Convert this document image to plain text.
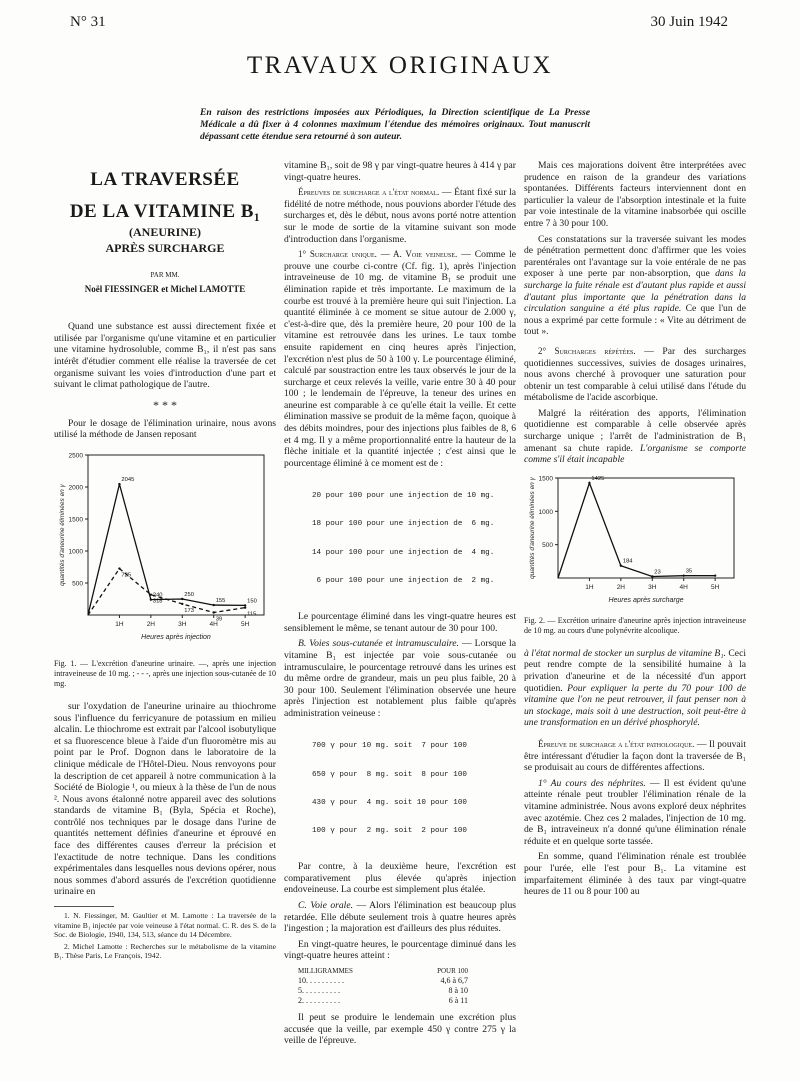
N° 31	30 Juin 1942
TRAVAUX ORIGINAUX
En raison des restrictions imposées aux Périodiques, la Direction scientifique de La Presse Médicale a dû fixer à 4 colonnes maximum l'étendue des mémoires originaux. Tout manuscrit dépassant cette étendue sera retourné à son auteur.
LA TRAVERSÉE
DE LA VITAMINE B₁
(ANEURINE)
APRÈS SURCHARGE
PAR MM.
Noël FIESSINGER et Michel LAMOTTE

Quand une substance est aussi directement fixée et utilisée par l'organisme qu'une vitamine et en particulier une vitamine hydrosoluble, comme B₁, il n'est pas sans intérêt d'étudier comment elle réalise la traversée de cet organisme suivant les voies d'introduction d'une part et suivant le climat pathologique de l'autre.

* * *

Pour le dosage de l'élimination urinaire, nous avons utilisé la méthode de Jansen reposant

500
1000
1500
2000
2500
1H	2H	3H	4H	5H
Heures après injection
quantités d'aneurine éliminées en γ
2045
240	250
155	150
725
318
173
39
115
Fig. 1. — L'excrétion d'aneurine urinaire. —, après une injection intraveineuse de 10 mg. ; - - -, après une injection sous-cutanée de 10 mg.

sur l'oxydation de l'aneurine urinaire au thiochrome sous l'influence du ferricyanure de potassium en milieu alcalin. Le thiochrome est extrait par l'alcool isobutylique et sa fluorescence bleue à l'aide d'un fluoromètre mis au point par le Prof. Dognon dans le laboratoire de la clinique médicale de l'Hôtel-Dieu. Nous renvoyons pour la description de cet appareil à notre communication à la Société de Biologie ¹, ou mieux à la thèse de l'un de nous ². Nous avons étalonné notre appareil avec des solutions standards de vitamine B₁ (Byla, Spécia et Roche), contrôlé nos techniques par le dosage dans l'urine de quantités nettement définies d'aneurine et éprouvé en face des différentes causes d'erreur la précision et l'exactitude de notre technique. Dans les conditions expérimentales dans lesquelles nous devions opérer, nous nous sommes d'abord assurés de l'excrétion quotidienne urinaire en

1. N. Fiessinger, M. Gaultier et M. Lamotte : La traversée de la vitamine B₁ injectée par voie veineuse à l'état normal. C. R. des S. de la Soc. de Biologie, 1940, 134, 513, séance du 14 Décembre.
2. Michel Lamotte : Recherches sur le métabolisme de la vitamine B₁. Thèse Paris, Le François, 1942.

vitamine B₁, soit de 98 γ par vingt-quatre heures à 414 γ par vingt-quatre heures.

Épreuves de surcharge a l'état normal. — Étant fixé sur la fidélité de notre méthode, nous pouvions aborder l'étude des surcharges et, dès le début, nous avons porté notre attention sur le mode de sortie de la vitamine suivant son mode d'introduction dans l'organisme.

1° Surcharge unique. — A. Voie veineuse. — Comme le prouve une courbe ci-contre (Cf. fig. 1), après l'injection intraveineuse de 10 mg. de vitamine B₁ se produit une élimination rapide et très importante. Le maximum de la courbe est trouvé à la première heure qui suit l'injection. La quantité éliminée à ce moment se situe autour de 2.000 γ, c'est-à-dire que, dès la première heure, 20 pour 100 de la vitamine est retrouvée dans les urines. Le taux tombe ensuite rapidement en cinq heures après l'injection, l'excrétion n'est plus de 50 à 100 γ. Le pourcentage éliminé, calculé par soustraction entre les taux observés le jour de la surcharge et ceux relevés la veille, varie entre 30 à 40 pour 100 ; le lendemain de l'épreuve, la teneur des urines en aneurine est comparable à ce qu'elle était la veille. Et cette élimination massive se produit de la même façon, quoique à des débits moindres, pour des injections plus faibles de 8, 6 et 4 mg. Il y a même proportionnalité entre la hauteur de la flèche initiale et la quantité injectée ; c'est ainsi que le pourcentage éliminé à ce moment est de :

20 pour 100 pour une injection de 10 mg.

18 pour 100 pour une injection de  6 mg.

14 pour 100 pour une injection de  4 mg.

6 pour 100 pour une injection de  2 mg.

Le pourcentage éliminé dans les vingt-quatre heures est sensiblement le même, se tenant autour de 30 pour 100.

B. Voies sous-cutanée et intramusculaire. — Lorsque la vitamine B₁ est injectée par voie sous-cutanée ou intramusculaire, le pourcentage retrouvé dans les urines est du même ordre de grandeur, mais un peu plus faible, 20 à 30 pour 100. Seulement l'élimination observée une heure après l'injection est notablement plus faible qu'après administration veineuse :

700 γ pour 10 mg. soit  7 pour 100

650 γ pour  8 mg. soit  8 pour 100

430 γ pour  4 mg. soit 10 pour 100

100 γ pour  2 mg. soit  2 pour 100

Par contre, à la deuxième heure, l'excrétion est comparativement plus élevée qu'après injection endoveineuse. La courbe est simplement plus étalée.

C. Voie orale. — Alors l'élimination est beaucoup plus retardée. Elle débute seulement trois à quatre heures après l'ingestion ; la majoration est d'ailleurs des plus réduites.

En vingt-quatre heures, le pourcentage diminué dans les vingt-quatre heures atteint :

MILLIGRAMMES	POUR 100
10. . . . . . . . . .	4,6 à 6,7
5. . . . . . . . . .	8 à 10
2. . . . . . . . . .	6 à 11

Il peut se produire le lendemain une excrétion plus accusée que la veille, par exemple 450 γ contre 275 γ la veille de l'épreuve.

Mais ces majorations doivent être interprétées avec prudence en raison de la grandeur des variations spontanées. Différents facteurs interviennent dont en particulier la valeur de l'absorption intestinale et la fuite par voie intestinale de la vitamine inabsorbée qui oscille entre 7 à 30 pour 100.

Ces constatations sur la traversée suivant les modes de pénétration permettent donc d'affirmer que les voies parentérales ont l'avantage sur la voie entérale de ne pas exposer à une perte par non-absorption, que dans la surcharge la fuite rénale est d'autant plus rapide et aussi d'autant plus importante que la pénétration dans la circulation sanguine a été plus rapide. Ce que l'un de nous a exprimé par cette formule : « Vite au détriment de tout ».

2° Surcharges répétées. — Par des surcharges quotidiennes successives, suivies de dosages urinaires, nous avons cherché à provoquer une saturation pour obtenir un test comparable à celui utilisé dans l'étude du métabolisme de l'acide ascorbique.

Malgré la réitération des apports, l'élimination quotidienne est comparable à celle observée après surcharge unique ; l'arrêt de l'administration de B₁ amenant sa chute rapide. L'organisme se comporte comme s'il était incapable

500
1000
1500
1H	2H	3H	4H	5H
Heures après surcharge
quantités d'aneurine éliminées en γ	1425
184
23	35
Fig. 2. — Excrétion urinaire d'aneurine après injection intraveineuse de 10 mg. au cours d'une polynévrite alcoolique.

à l'état normal de stocker un surplus de vitamine B₁. Ceci peut rendre compte de la sensibilité humaine à la privation d'aneurine et de la nécessité d'un apport quotidien. Pour expliquer la perte du 70 pour 100 de vitamine que l'on ne peut retrouver, il faut penser non à un stockage, mais soit à une destruction, soit peut-être à une transformation en un dérivé phosphorylé.

Épreuve de surcharge a l'état pathologique. — Il pouvait être intéressant d'étudier la façon dont la traversée de B₁ se produisait au cours de différentes affections.

1° Au cours des néphrites. — Il est évident qu'une atteinte rénale peut troubler l'élimination rénale de la vitamine administrée. Nous avons exploré deux néphrites avec azotémie. Chez ces 2 malades, l'injection de 10 mg. de B₁ intraveineux n'a donné qu'une élimination rénale réduite et en quelque sorte tassée.

En somme, quand l'élimination rénale est troublée pour l'urée, elle l'est pour B₁. La vitamine est imparfaitement éliminée à des taux par vingt-quatre heures de 11 ou 8 pour 100 au
